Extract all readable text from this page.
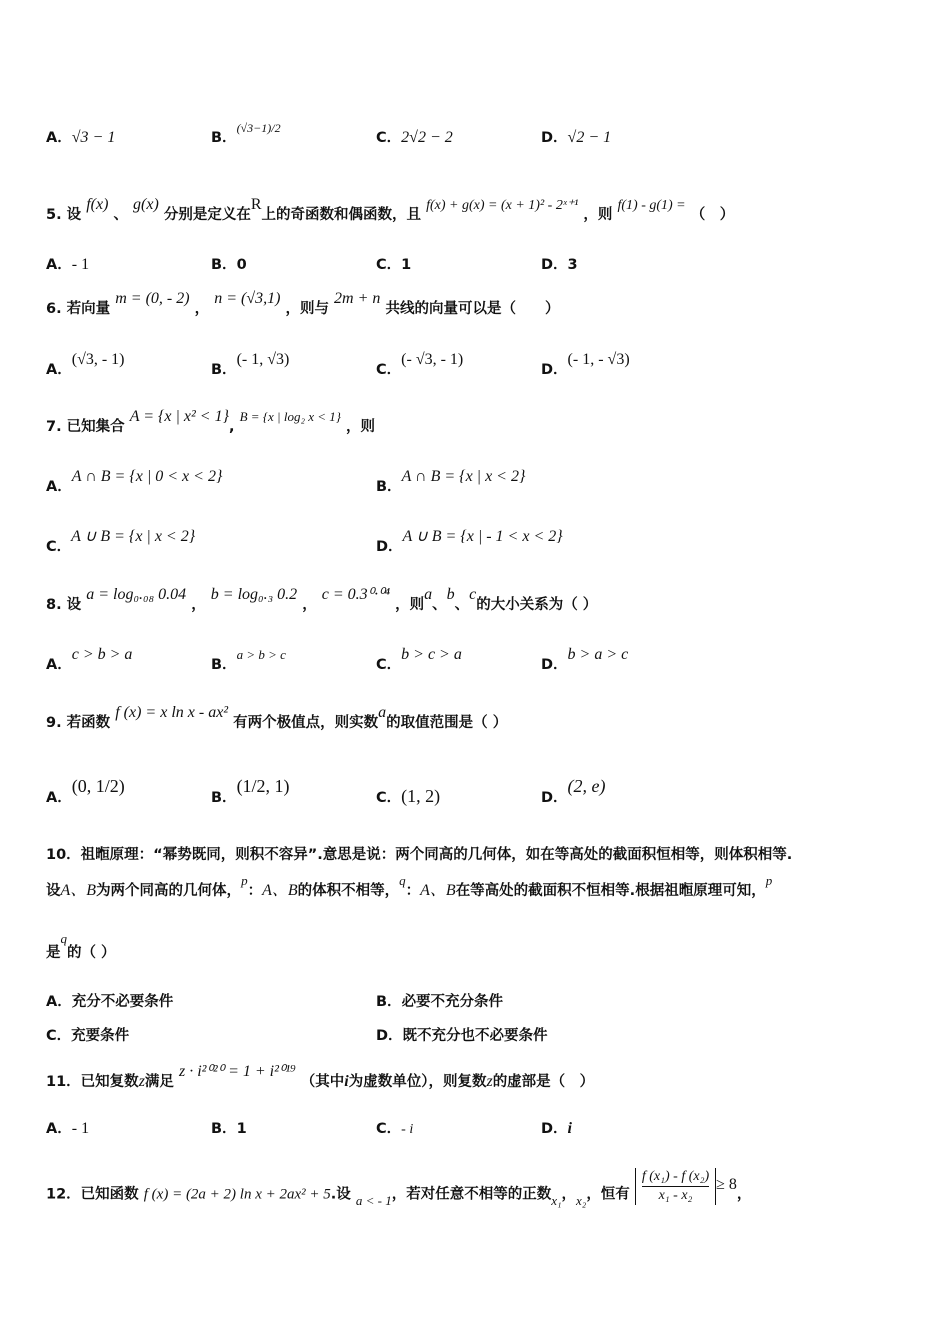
A．√3 − 1	B．$^{(√3-1)/2}$
C．2√2 − 2	D．√2 − 1
5. 设 f(x) 、 g(x) 分别是定义在R上的奇函数和偶函数，且 f(x) + g(x) = (x + 1)² - 2ˣ⁺¹ ，则 f(1) - g(1) = （　）
A．- 1	B．0	C．1	D．3
6. 若向量 m = (0, - 2) ， n = (√3,1) ，则与 2m + n 共线的向量可以是（　　）
A．(√3, - 1)
B．(- 1, √3)
C．(- √3, - 1)
D．(- 1, - √3)
7. 已知集合 A = {x | x² < 1}, B = {x | log₂ x < 1} ，则
A．A ∩ B = {x | 0 < x < 2}
B．A ∩ B = {x | x < 2}
C．A ∪ B = {x | x < 2}
D．A ∪ B = {x | - 1 < x < 2}
8. 设 a = log₀.₀₈ 0.04 ， b = log₀.₃ 0.2 ， c = 0.3⁰·⁰⁴ ，则a、b、c的大小关系为（ ）
A．c > b > a
B．a > b > c
C．b > c > a
D．b > a > c
9. 若函数 f (x) = x ln x - ax² 有两个极值点，则实数a的取值范围是（ ）
A．(0, 1/2)
B．(1/2, 1)
C．(1, 2)	D．(2, e)
10．祖暅原理：“幂势既同，则积不容异”.意思是说：两个同高的几何体，如在等高处的截面积恒相等，则体积相等.
设A、B为两个同高的几何体，p：A、B的体积不相等，q：A、B在等高处的截面积不恒相等.根据祖暅原理可知，p
是q的（ ）
A．充分不必要条件	B．必要不充分条件
C．充要条件	D．既不充分也不必要条件
11．已知复数z满足 z · i²⁰²⁰ = 1 + i²⁰¹⁹ （其中i为虚数单位），则复数z的虚部是（　）
A．- 1	B．1	C．- i	D．i
12．已知函数 f (x) = (2a + 2) ln x + 2ax² + 5.设 a < - 1，若对任意不相等的正数x₁，x₂，恒有 $\frac{\text{f (x₁) - f (x₂)}}{\text{x₁ - x₂}} \ge 8$，
